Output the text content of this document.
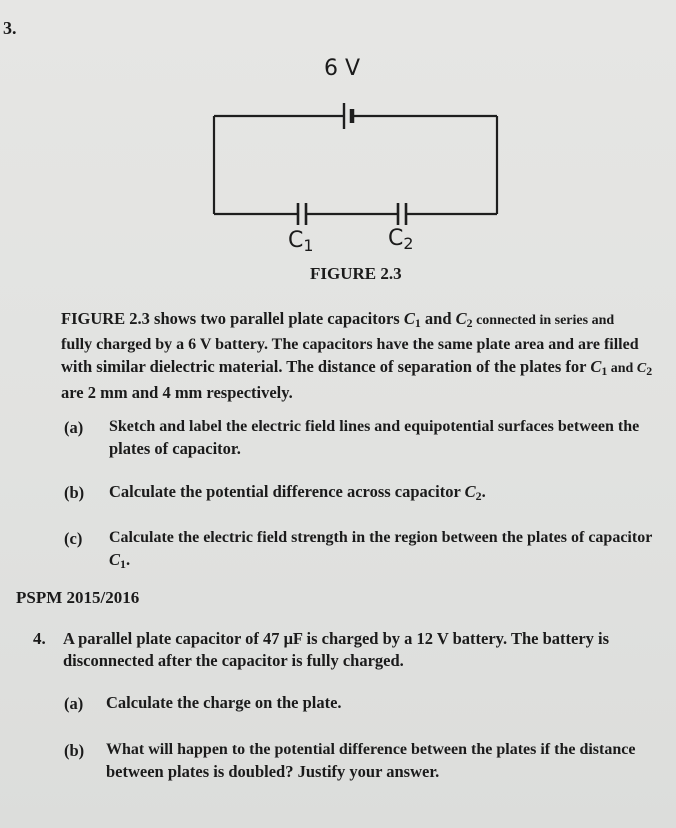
3.
6 V
$C_1$	$C_2$
FIGURE 2.3
FIGURE 2.3 shows two parallel plate capacitors $C_1$ and $C_2$ connected in series and
fully charged by a 6 V battery. The capacitors have the same plate area and are filled
with similar dielectric material. The distance of separation of the plates for $C_1$ and $C_2$
are 2 mm and 4 mm respectively.
(a) Sketch and label the electric field lines and equipotential surfaces between the
plates of capacitor.
(b) Calculate the potential difference across capacitor $C_2$.
(c) Calculate the electric field strength in the region between the plates of capacitor
$C_1$.
PSPM 2015/2016
4. A parallel plate capacitor of 47 μF is charged by a 12 V battery. The battery is
disconnected after the capacitor is fully charged.
(a) Calculate the charge on the plate.
(b) What will happen to the potential difference between the plates if the distance
between plates is doubled? Justify your answer.
